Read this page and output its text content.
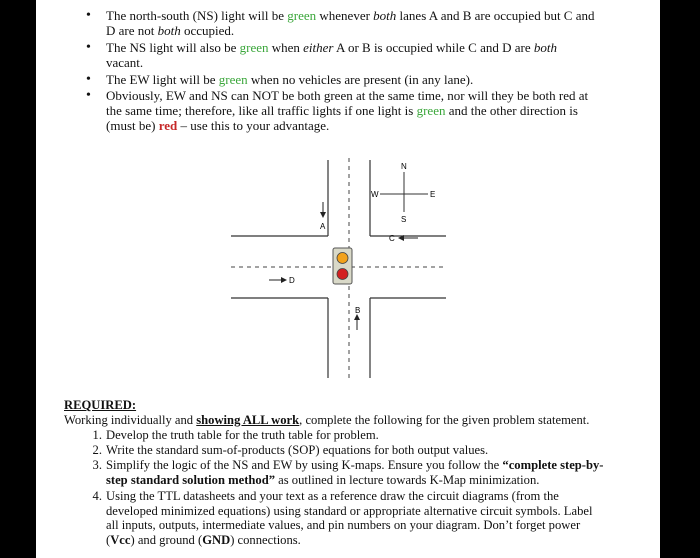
• The north-south (NS) light will be green whenever both lanes A and B are occupied but C and
D are not both occupied.
• The NS light will also be green when either A or B is occupied while C and D are both
vacant.
• The EW light will be green when no vehicles are present (in any lane).
• Obviously, EW and NS can NOT be both green at the same time, nor will they be both red at
the same time; therefore, like all traffic lights if one light is green and the other direction is
(must be) red – use this to your advantage.
A
B
C
D
N
S
E
W
REQUIRED:
Working individually and showing ALL work, complete the following for the given problem statement.
1. Develop the truth table for the truth table for problem.
2. Write the standard sum-of-products (SOP) equations for both output values.
3. Simplify the logic of the NS and EW by using K-maps. Ensure you follow the “complete step-by-
step standard solution method” as outlined in lecture towards K-Map minimization.
4. Using the TTL datasheets and your text as a reference draw the circuit diagrams (from the
developed minimized equations) using standard or appropriate alternative circuit symbols. Label
all inputs, outputs, intermediate values, and pin numbers on your diagram. Don’t forget power
(Vcc) and ground (GND) connections.
